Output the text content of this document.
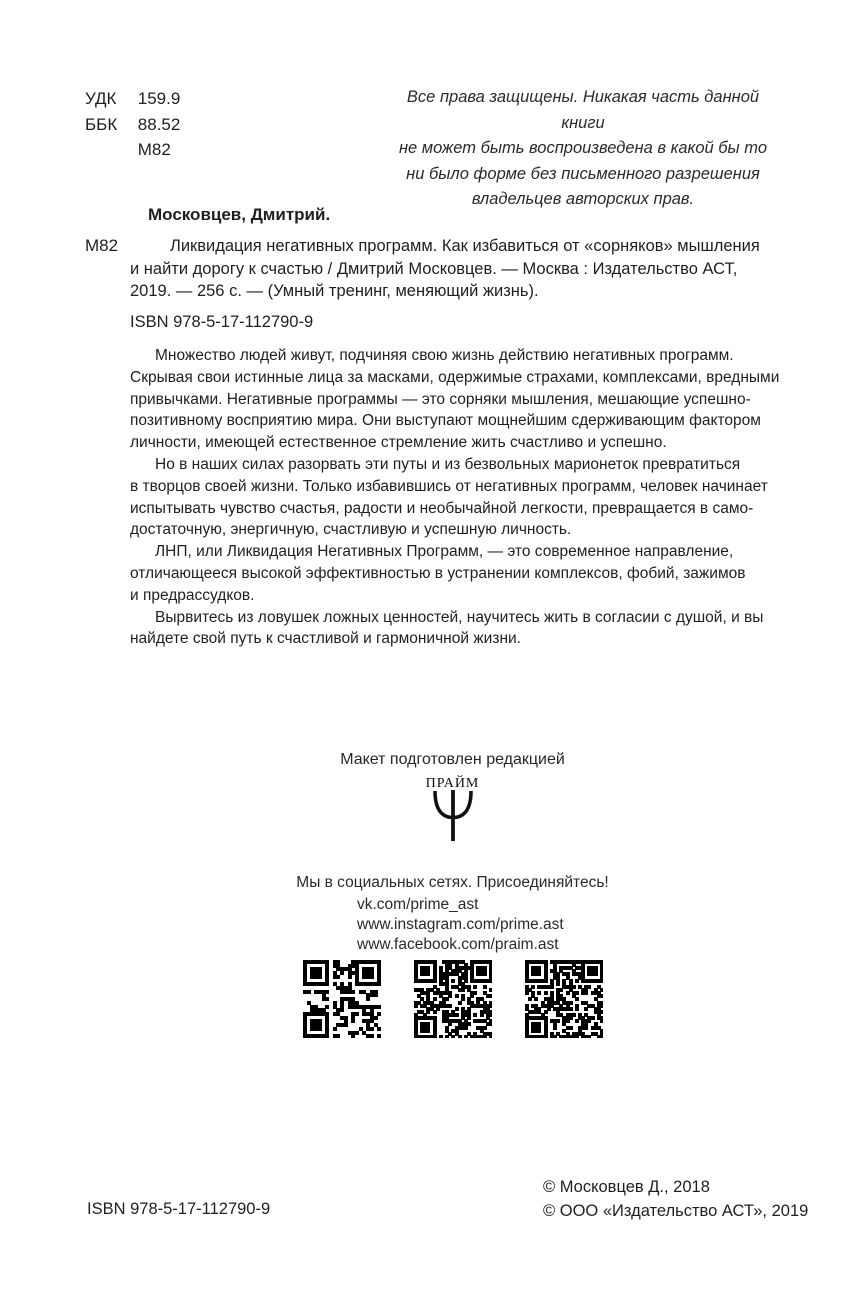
УДК 159.9
ББК 88.52
М82
Все права защищены. Никакая часть данной книги
не может быть воспроизведена в какой бы то
ни было форме без письменного разрешения
владельцев авторских прав.
Московцев, Дмитрий.
М82	Ликвидация негативных программ. Как избавиться от «сорняков» мышления
и найти дорогу к счастью / Дмитрий Московцев. — Москва : Издательство АСТ,
2019. — 256 с. — (Умный тренинг, меняющий жизнь).
ISBN 978-5-17-112790-9

Множество людей живут, подчиняя свою жизнь действию негативных программ.
Скрывая свои истинные лица за масками, одержимые страхами, комплексами, вредными
привычками. Негативные программы — это сорняки мышления, мешающие успешно-
позитивному восприятию мира. Они выступают мощнейшим сдерживающим фактором
личности, имеющей естественное стремление жить счастливо и успешно.

Но в наших силах разорвать эти путы и из безвольных марионеток превратиться
в творцов своей жизни. Только избавившись от негативных программ, человек начинает
испытывать чувство счастья, радости и необычайной легкости, превращается в само-
достаточную, энергичную, счастливую и успешную личность.

ЛНП, или Ликвидация Негативных Программ, — это современное направление,
отличающееся высокой эффективностью в устранении комплексов, фобий, зажимов
и предрассудков.

Вырвитесь из ловушек ложных ценностей, научитесь жить в согласии с душой, и вы
найдете свой путь к счастливой и гармоничной жизни.

Макет подготовлен редакцией
ПРАЙМ
Мы в социальных сетях. Присоединяйтесь!
vk.com/prime_ast
www.instagram.com/prime.ast
www.facebook.com/praim.ast
ISBN 978-5-17-112790-9
© Московцев Д., 2018
© ООО «Издательство АСТ», 2019
